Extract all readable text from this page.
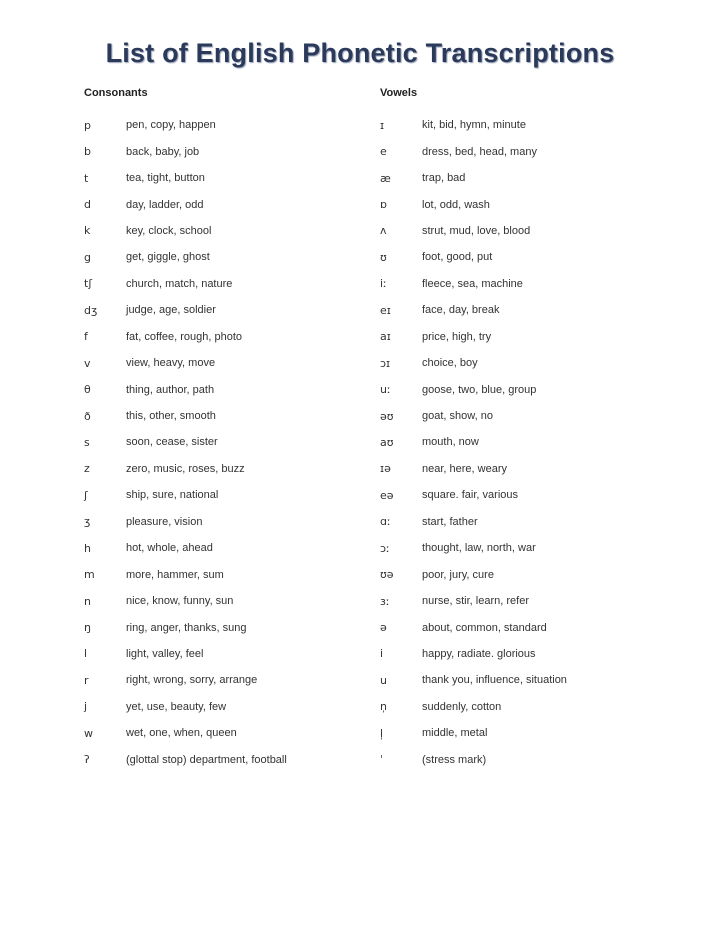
List of English Phonetic Transcriptions
Consonants
p	pen, copy, happen
b	back, baby, job
t	tea, tight, button
d	day, ladder, odd
k	key, clock, school
g	get, giggle, ghost
tʃ	church, match, nature
dʒ	judge, age, soldier
f	fat, coffee, rough, photo
v	view, heavy, move
θ	thing, author, path
ð	this, other, smooth
s	soon, cease, sister
z	zero, music, roses, buzz
ʃ	ship, sure, national
ʒ	pleasure, vision
h	hot, whole, ahead
m	more, hammer, sum
n	nice, know, funny, sun
ŋ	ring, anger, thanks, sung
l	light, valley, feel
r	right, wrong, sorry, arrange
j	yet, use, beauty, few
w	wet, one, when, queen
ʔ	(glottal stop) department, football
Vowels
ɪ	kit, bid, hymn, minute
e	dress, bed, head, many
æ	trap, bad
ɒ	lot, odd, wash
ʌ	strut, mud, love, blood
ʊ	foot, good, put
iː	fleece, sea, machine
eɪ	face, day, break
aɪ	price, high, try
ɔɪ	choice, boy
uː	goose, two, blue, group
əʊ	goat, show, no
aʊ	mouth, now
ɪə	near, here, weary
eə	square. fair, various
ɑː	start, father
ɔː	thought, law, north, war
ʊə	poor, jury, cure
ɜː	nurse, stir, learn, refer
ə	about, common, standard
i	happy, radiate. glorious
u	thank you, influence, situation
n̩	suddenly, cotton
l̩	middle, metal
ˈ	(stress mark)
